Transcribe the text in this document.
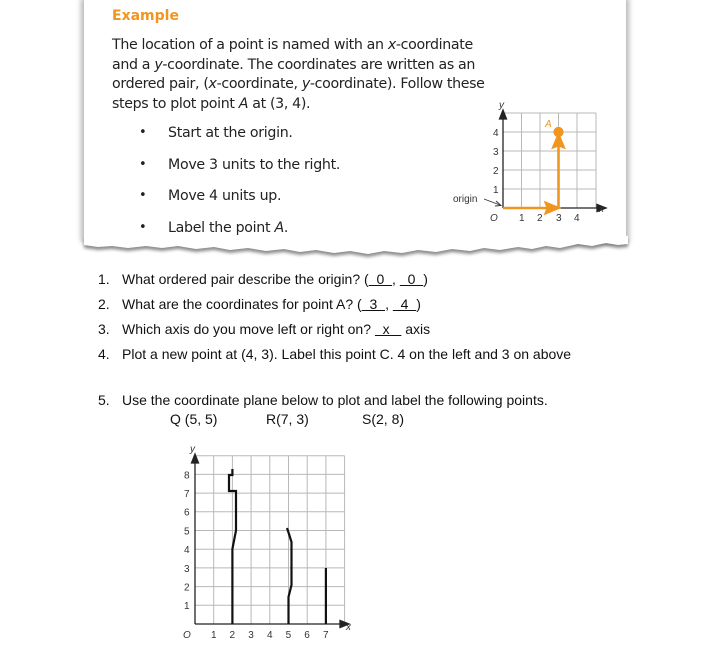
Example
The location of a point is named with an x-coordinate
and a y-coordinate. The coordinates are written as an
ordered pair, (x-coordinate, y-coordinate). Follow these
steps to plot point A at (3, 4).
• Start at the origin.
• Move 3 units to the right.
• Move 4 units up.
• Label the point A.
A
y
x
O 1 2 3 4
1
2
3
4
origin
1. What ordered pair describe the origin? (  0  ,   0  )
2. What are the coordinates for point A? (  3  ,   4  )
3. Which axis do you move left or right on?   x    axis
4. Plot a new point at (4, 3). Label this point C. 4 on the left and 3 on above
5. Use the coordinate plane below to plot and label the following points.
Q (5, 5)	R(7, 3)	S(2, 8)
y
x
O 1 2 3 4 5 6 7
1
2
3
4
5
6
7
8
